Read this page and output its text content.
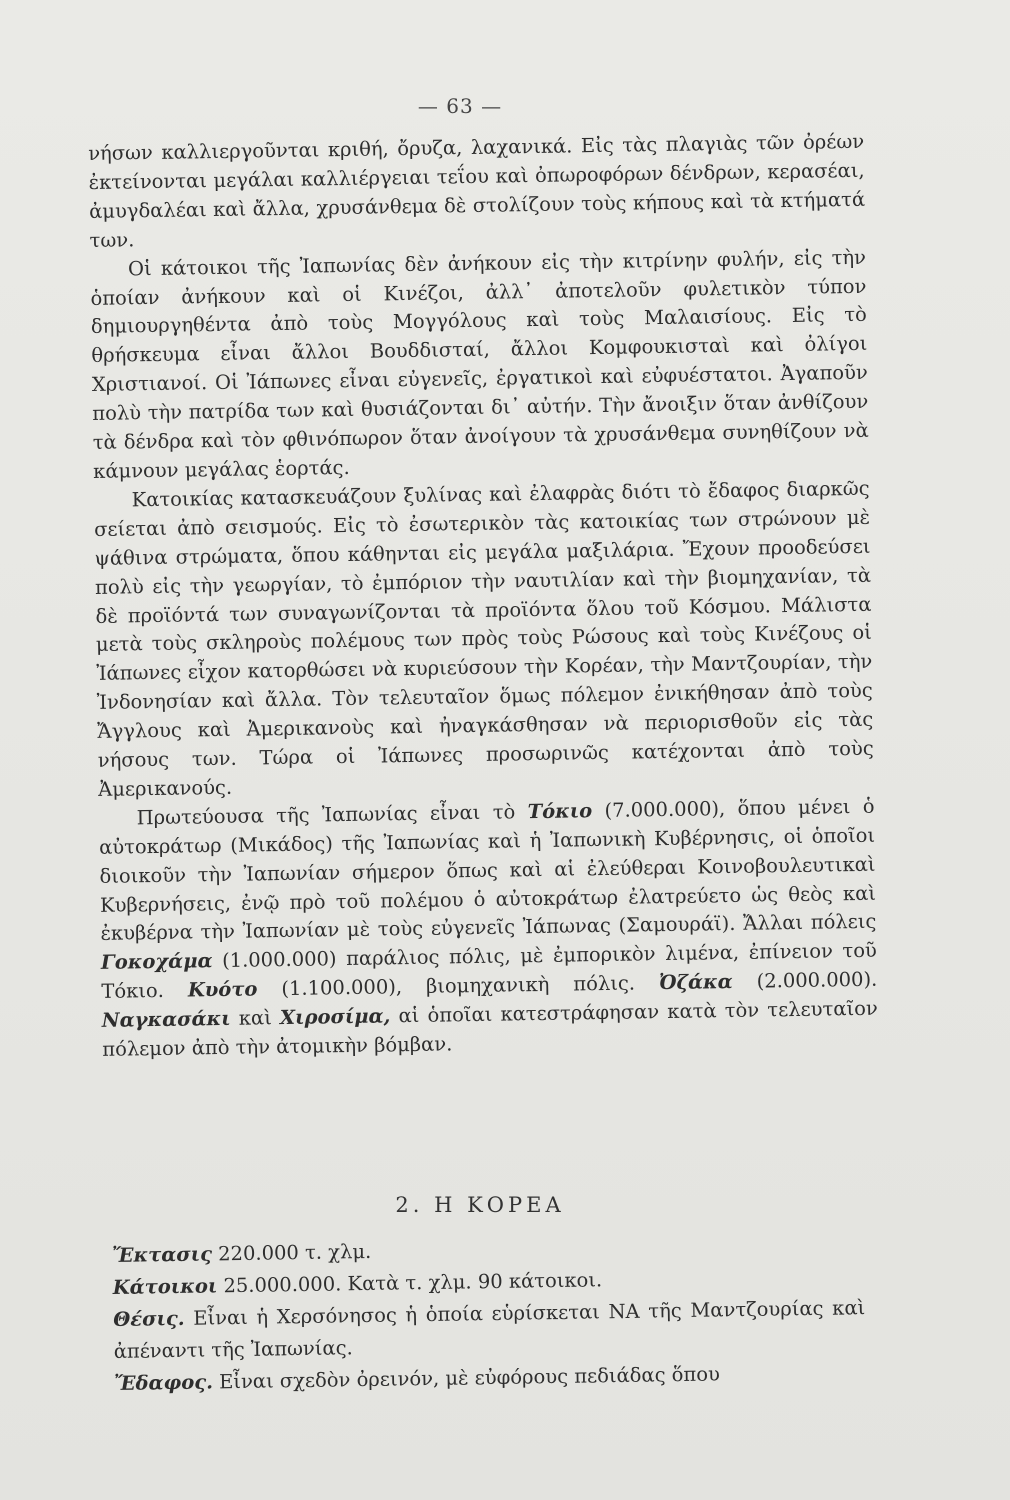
— 63 —

νήσων καλλιεργοῦνται κριθή, ὄρυζα, λαχανικά. Εἰς τὰς πλαγιὰς τῶν ὀρέων ἐκτείνονται μεγάλαι καλλιέργειαι τεΐου καὶ ὀπωροφόρων δένδρων, κερασέαι, ἀμυγδαλέαι καὶ ἄλλα, χρυσάνθεμα δὲ στολίζουν τοὺς κήπους καὶ τὰ κτήματά των.

Οἱ κάτοικοι τῆς Ἰαπωνίας δὲν ἀνήκουν εἰς τὴν κιτρίνην φυλήν, εἰς τὴν ὁποίαν ἀνήκουν καὶ οἱ Κινέζοι, ἀλλ᾽ ἀποτελοῦν φυλετικὸν τύπον δημιουργηθέντα ἀπὸ τοὺς Μογγόλους καὶ τοὺς Μαλαισίους. Εἰς τὸ θρήσκευμα εἶναι ἄλλοι Βουδδισταί, ἄλλοι Κομφουκισταὶ καὶ ὀλίγοι Χριστιανοί. Οἱ Ἰάπωνες εἶναι εὐγενεῖς, ἐργατικοὶ καὶ εὐφυέστατοι. Ἀγαποῦν πολὺ τὴν πατρίδα των καὶ θυσιάζονται δι᾽ αὐτήν. Τὴν ἄνοιξιν ὅταν ἀνθίζουν τὰ δένδρα καὶ τὸν φθινόπωρον ὅταν ἀνοίγουν τὰ χρυσάνθεμα συνηθίζουν νὰ κάμνουν μεγάλας ἑορτάς.

Κατοικίας κατασκευάζουν ξυλίνας καὶ ἐλαφρὰς διότι τὸ ἔδαφος διαρκῶς σείεται ἀπὸ σεισμούς. Εἰς τὸ ἐσωτερικὸν τὰς κατοικίας των στρώνουν μὲ ψάθινα στρώματα, ὅπου κάθηνται εἰς μεγάλα μαξιλάρια. Ἔχουν προοδεύσει πολὺ εἰς τὴν γεωργίαν, τὸ ἐμπόριον τὴν ναυτιλίαν καὶ τὴν βιομηχανίαν, τὰ δὲ προϊόντά των συναγωνίζονται τὰ προϊόντα ὅλου τοῦ Κόσμου. Μάλιστα μετὰ τοὺς σκληροὺς πολέμους των πρὸς τοὺς Ρώσους καὶ τοὺς Κινέζους οἱ Ἰάπωνες εἶχον κατορθώσει νὰ κυριεύσουν τὴν Κορέαν, τὴν Μαντζουρίαν, τὴν Ἰνδονησίαν καὶ ἄλλα. Τὸν τελευταῖον ὅμως πόλεμον ἐνικήθησαν ἀπὸ τοὺς Ἄγγλους καὶ Ἀμερικανοὺς καὶ ἠναγκάσθησαν νὰ περιορισθοῦν εἰς τὰς νήσους των. Τώρα οἱ Ἰάπωνες προσωρινῶς κατέχονται ἀπὸ τοὺς Ἀμερικανούς.

Πρωτεύουσα τῆς Ἰαπωνίας εἶναι τὸ Τόκιο (7.000.000), ὅπου μένει ὁ αὐτοκράτωρ (Μικάδος) τῆς Ἰαπωνίας καὶ ἡ Ἰαπωνικὴ Κυβέρνησις, οἱ ὁποῖοι διοικοῦν τὴν Ἰαπωνίαν σήμερον ὅπως καὶ αἱ ἐλεύθεραι Κοινοβουλευτικαὶ Κυβερνήσεις, ἐνῷ πρὸ τοῦ πολέμου ὁ αὐτοκράτωρ ἐλατρεύετο ὡς θεὸς καὶ ἐκυβέρνα τὴν Ἰαπωνίαν μὲ τοὺς εὐγενεῖς Ἰάπωνας (Σαμουράϊ). Ἄλλαι πόλεις Γοκοχάμα (1.000.000) παράλιος πόλις, μὲ ἐμπορικὸν λιμένα, ἐπίνειον τοῦ Τόκιο. Κυότο (1.100.000), βιομηχανικὴ πόλις. Ὀζάκα (2.000.000). Ναγκασάκι καὶ Χιροσίμα, αἱ ὁποῖαι κατεστράφησαν κατὰ τὸν τελευταῖον πόλεμον ἀπὸ τὴν ἀτομικὴν βόμβαν.

2. Η ΚΟΡΕΑ

Ἔκτασις 220.000 τ. χλμ.

Κάτοικοι 25.000.000. Κατὰ τ. χλμ. 90 κάτοικοι.

Θέσις. Εἶναι ἡ Χερσόνησος ἡ ὁποία εὑρίσκεται ΝΑ τῆς Μαντζουρίας καὶ ἀπέναντι τῆς Ἰαπωνίας.

Ἔδαφος. Εἶναι σχεδὸν ὀρεινόν, μὲ εὐφόρους πεδιάδας ὅπου
